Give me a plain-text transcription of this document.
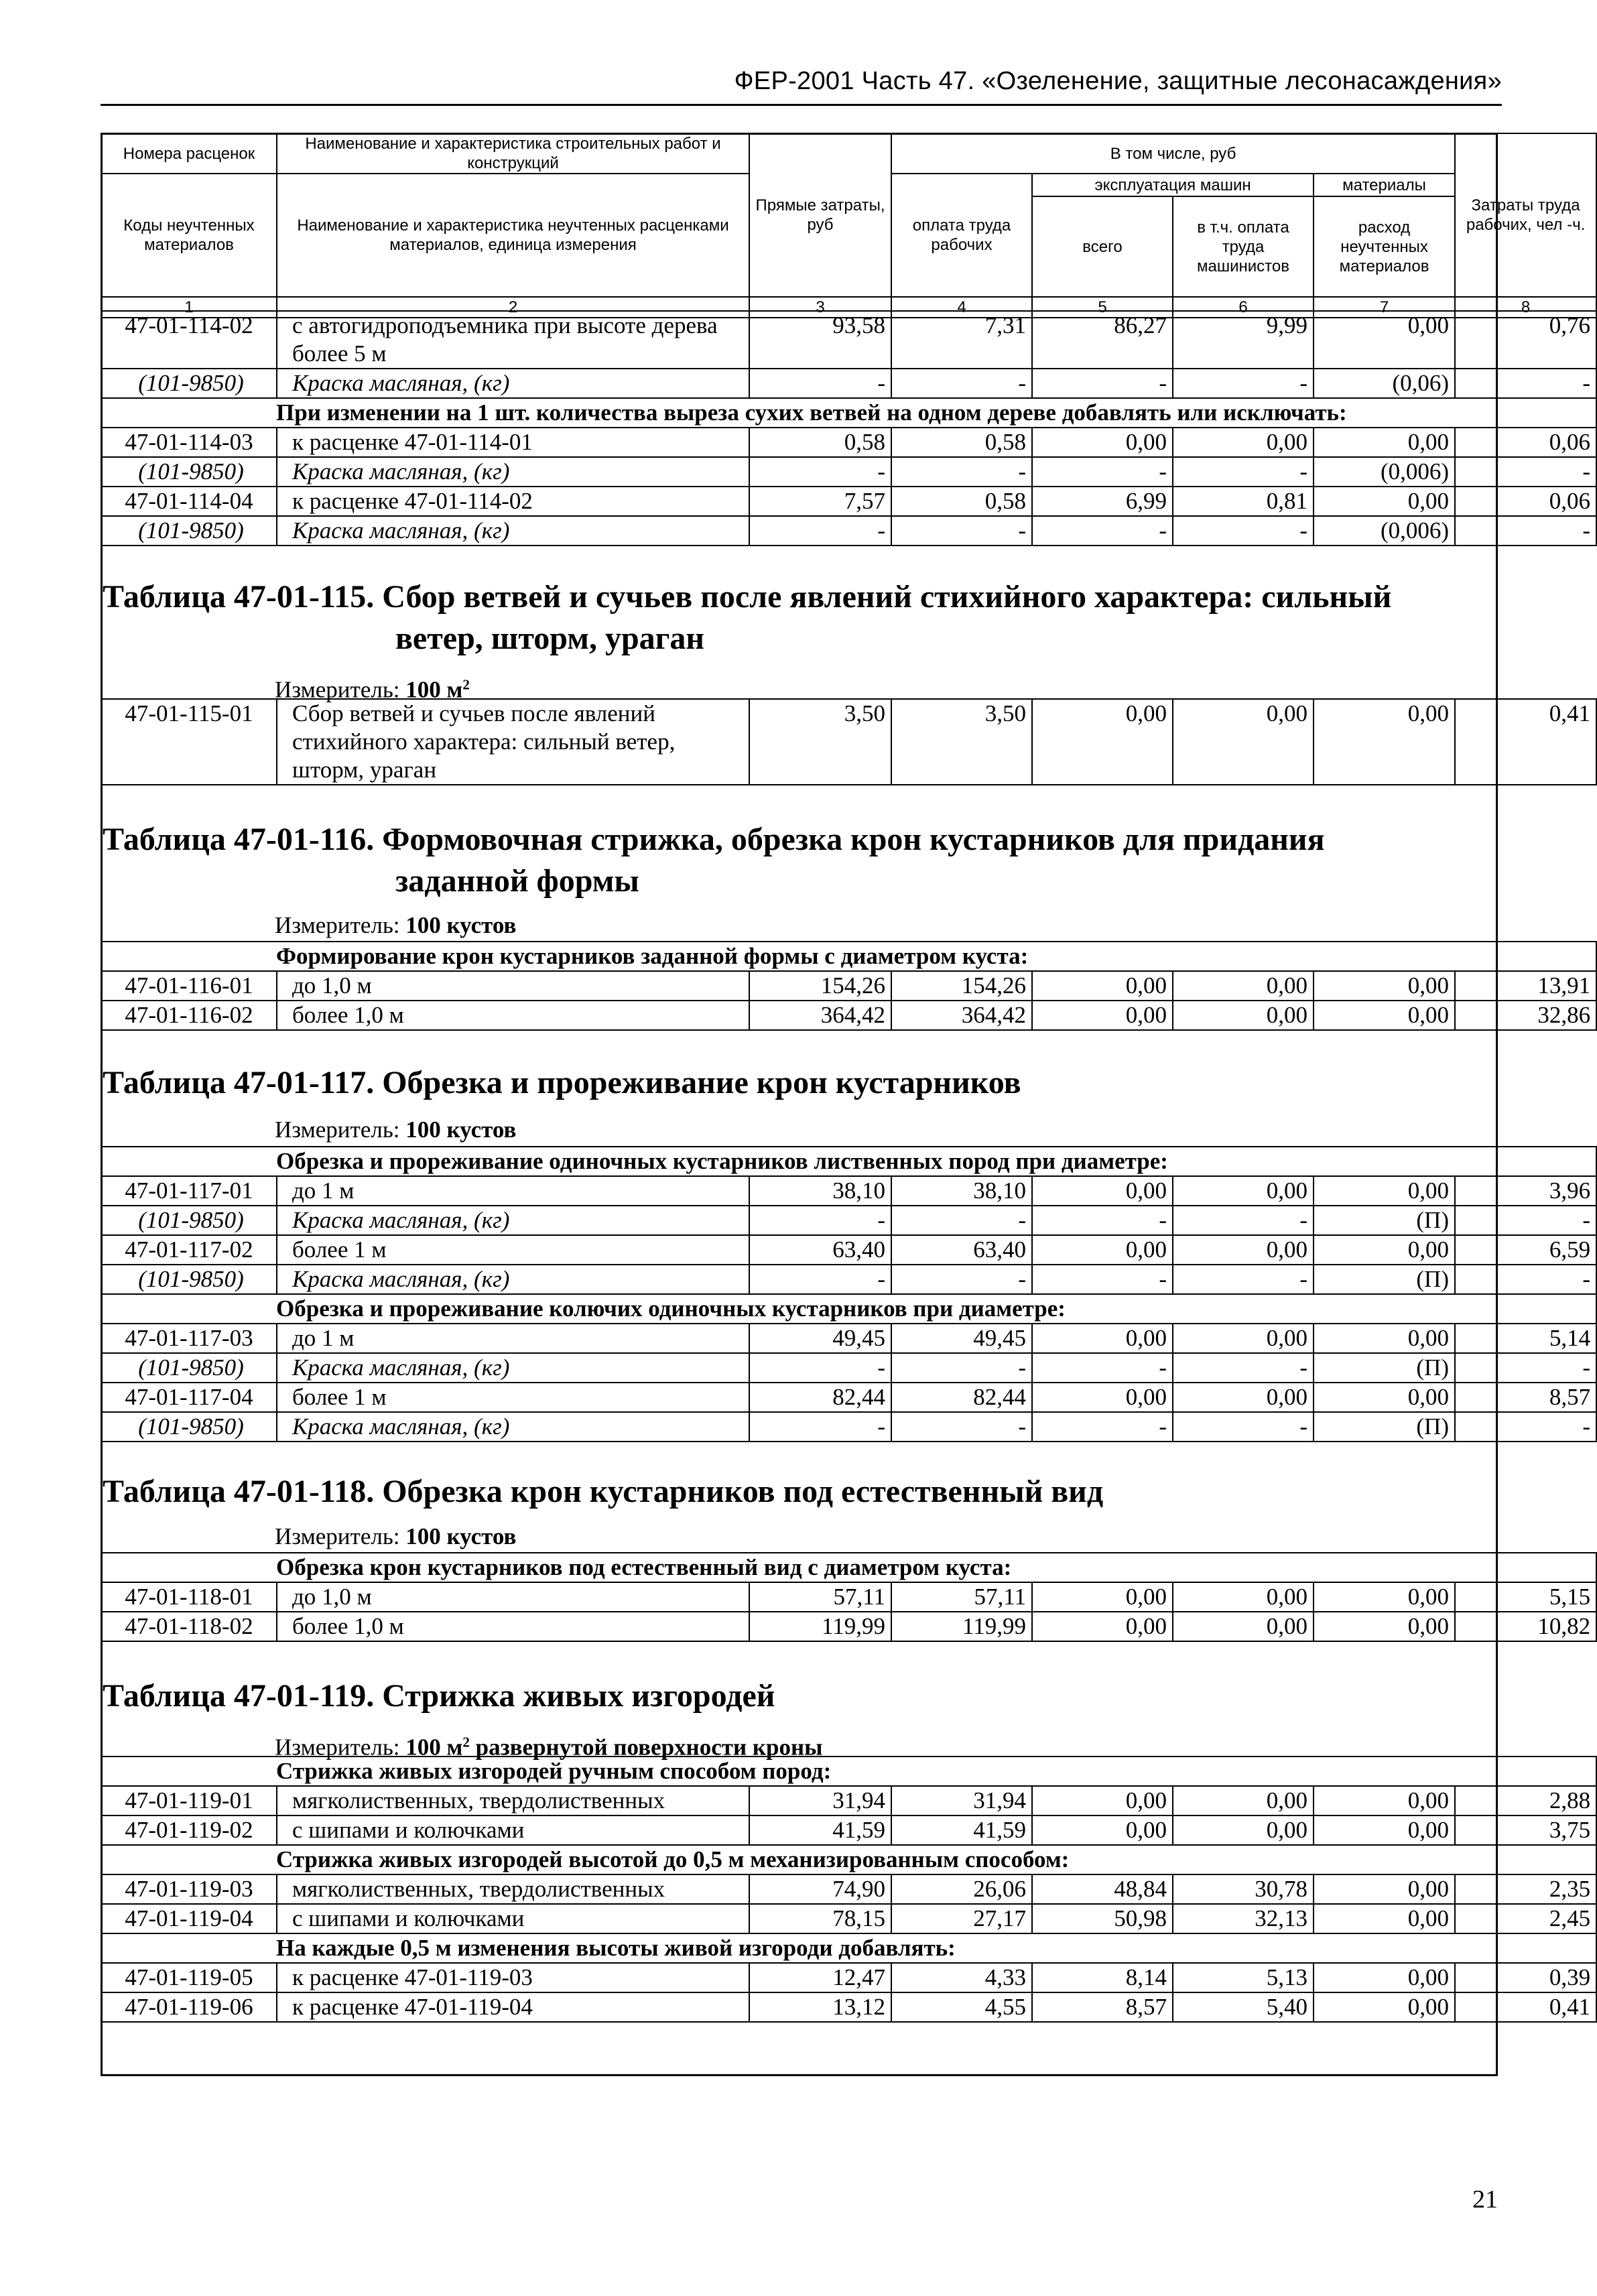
ФЕР-2001 Часть 47. «Озеленение, защитные лесонасаждения»
Номера расценок	Наименование и характеристика строительных работ и конструкций	Прямые затраты, руб	В том числе, руб				Затраты труда рабочих, чел -ч.
Коды неучтенных материалов	Наименование и характеристика неучтенных расценками материалов, единица измерения		оплата труда рабочих	эксплуатация машин		материалы	
				всего	в т.ч. оплата труда машинистов	расход неучтенных материалов	
1	2	3	4	5	6	7	8
47-01-114-02	с автогидроподъемника при высоте дерева более 5 м	93,58	7,31	86,27	9,99	0,00	0,76
(101-9850)	Краска масляная, (кг)	-	-	-	-	(0,06)	-
При изменении на 1 шт. количества выреза сухих ветвей на одном дереве добавлять или исключать:							
47-01-114-03	к расценке 47-01-114-01	0,58	0,58	0,00	0,00	0,00	0,06
(101-9850)	Краска масляная, (кг)	-	-	-	-	(0,006)	-
47-01-114-04	к расценке 47-01-114-02	7,57	0,58	6,99	0,81	0,00	0,06
(101-9850)	Краска масляная, (кг)	-	-	-	-	(0,006)	-
Таблица 47-01-115. Сбор ветвей и сучьев после явлений стихийного характера: сильный
ветер, шторм, ураган
Измеритель: 100 $м^2$
47-01-115-01	Сбор ветвей и сучьев после явлений стихийного характера: сильный ветер, шторм, ураган	3,50	3,50	0,00	0,00	0,00	0,41
Таблица 47-01-116. Формовочная стрижка, обрезка крон кустарников для придания
заданной формы
Измеритель: 100 кустов
Формирование крон кустарников заданной формы с диаметром куста:							
47-01-116-01	до 1,0 м	154,26	154,26	0,00	0,00	0,00	13,91
47-01-116-02	более 1,0 м	364,42	364,42	0,00	0,00	0,00	32,86
Таблица 47-01-117. Обрезка и прореживание крон кустарников
Измеритель: 100 кустов
Обрезка и прореживание одиночных кустарников лиственных пород при диаметре:							
47-01-117-01	до 1 м	38,10	38,10	0,00	0,00	0,00	3,96
(101-9850)	Краска масляная, (кг)	-	-	-	-	(П)	-
47-01-117-02	более 1 м	63,40	63,40	0,00	0,00	0,00	6,59
(101-9850)	Краска масляная, (кг)	-	-	-	-	(П)	-
Обрезка и прореживание колючих одиночных кустарников при диаметре:							
47-01-117-03	до 1 м	49,45	49,45	0,00	0,00	0,00	5,14
(101-9850)	Краска масляная, (кг)	-	-	-	-	(П)	-
47-01-117-04	более 1 м	82,44	82,44	0,00	0,00	0,00	8,57
(101-9850)	Краска масляная, (кг)	-	-	-	-	(П)	-
Таблица 47-01-118. Обрезка крон кустарников под естественный вид
Измеритель: 100 кустов
Обрезка крон кустарников под естественный вид с диаметром куста:							
47-01-118-01	до 1,0 м	57,11	57,11	0,00	0,00	0,00	5,15
47-01-118-02	более 1,0 м	119,99	119,99	0,00	0,00	0,00	10,82
Таблица 47-01-119. Стрижка живых изгородей
Измеритель: 100 $м^2$ развернутой поверхности кроны
Стрижка живых изгородей ручным способом пород:							
47-01-119-01	мягколиственных, твердолиственных	31,94	31,94	0,00	0,00	0,00	2,88
47-01-119-02	с шипами и колючками	41,59	41,59	0,00	0,00	0,00	3,75
Стрижка живых изгородей высотой до 0,5 м механизированным способом:							
47-01-119-03	мягколиственных, твердолиственных	74,90	26,06	48,84	30,78	0,00	2,35
47-01-119-04	с шипами и колючками	78,15	27,17	50,98	32,13	0,00	2,45
На каждые 0,5 м изменения высоты живой изгороди добавлять:							
47-01-119-05	к расценке 47-01-119-03	12,47	4,33	8,14	5,13	0,00	0,39
47-01-119-06	к расценке 47-01-119-04	13,12	4,55	8,57	5,40	0,00	0,41
21
